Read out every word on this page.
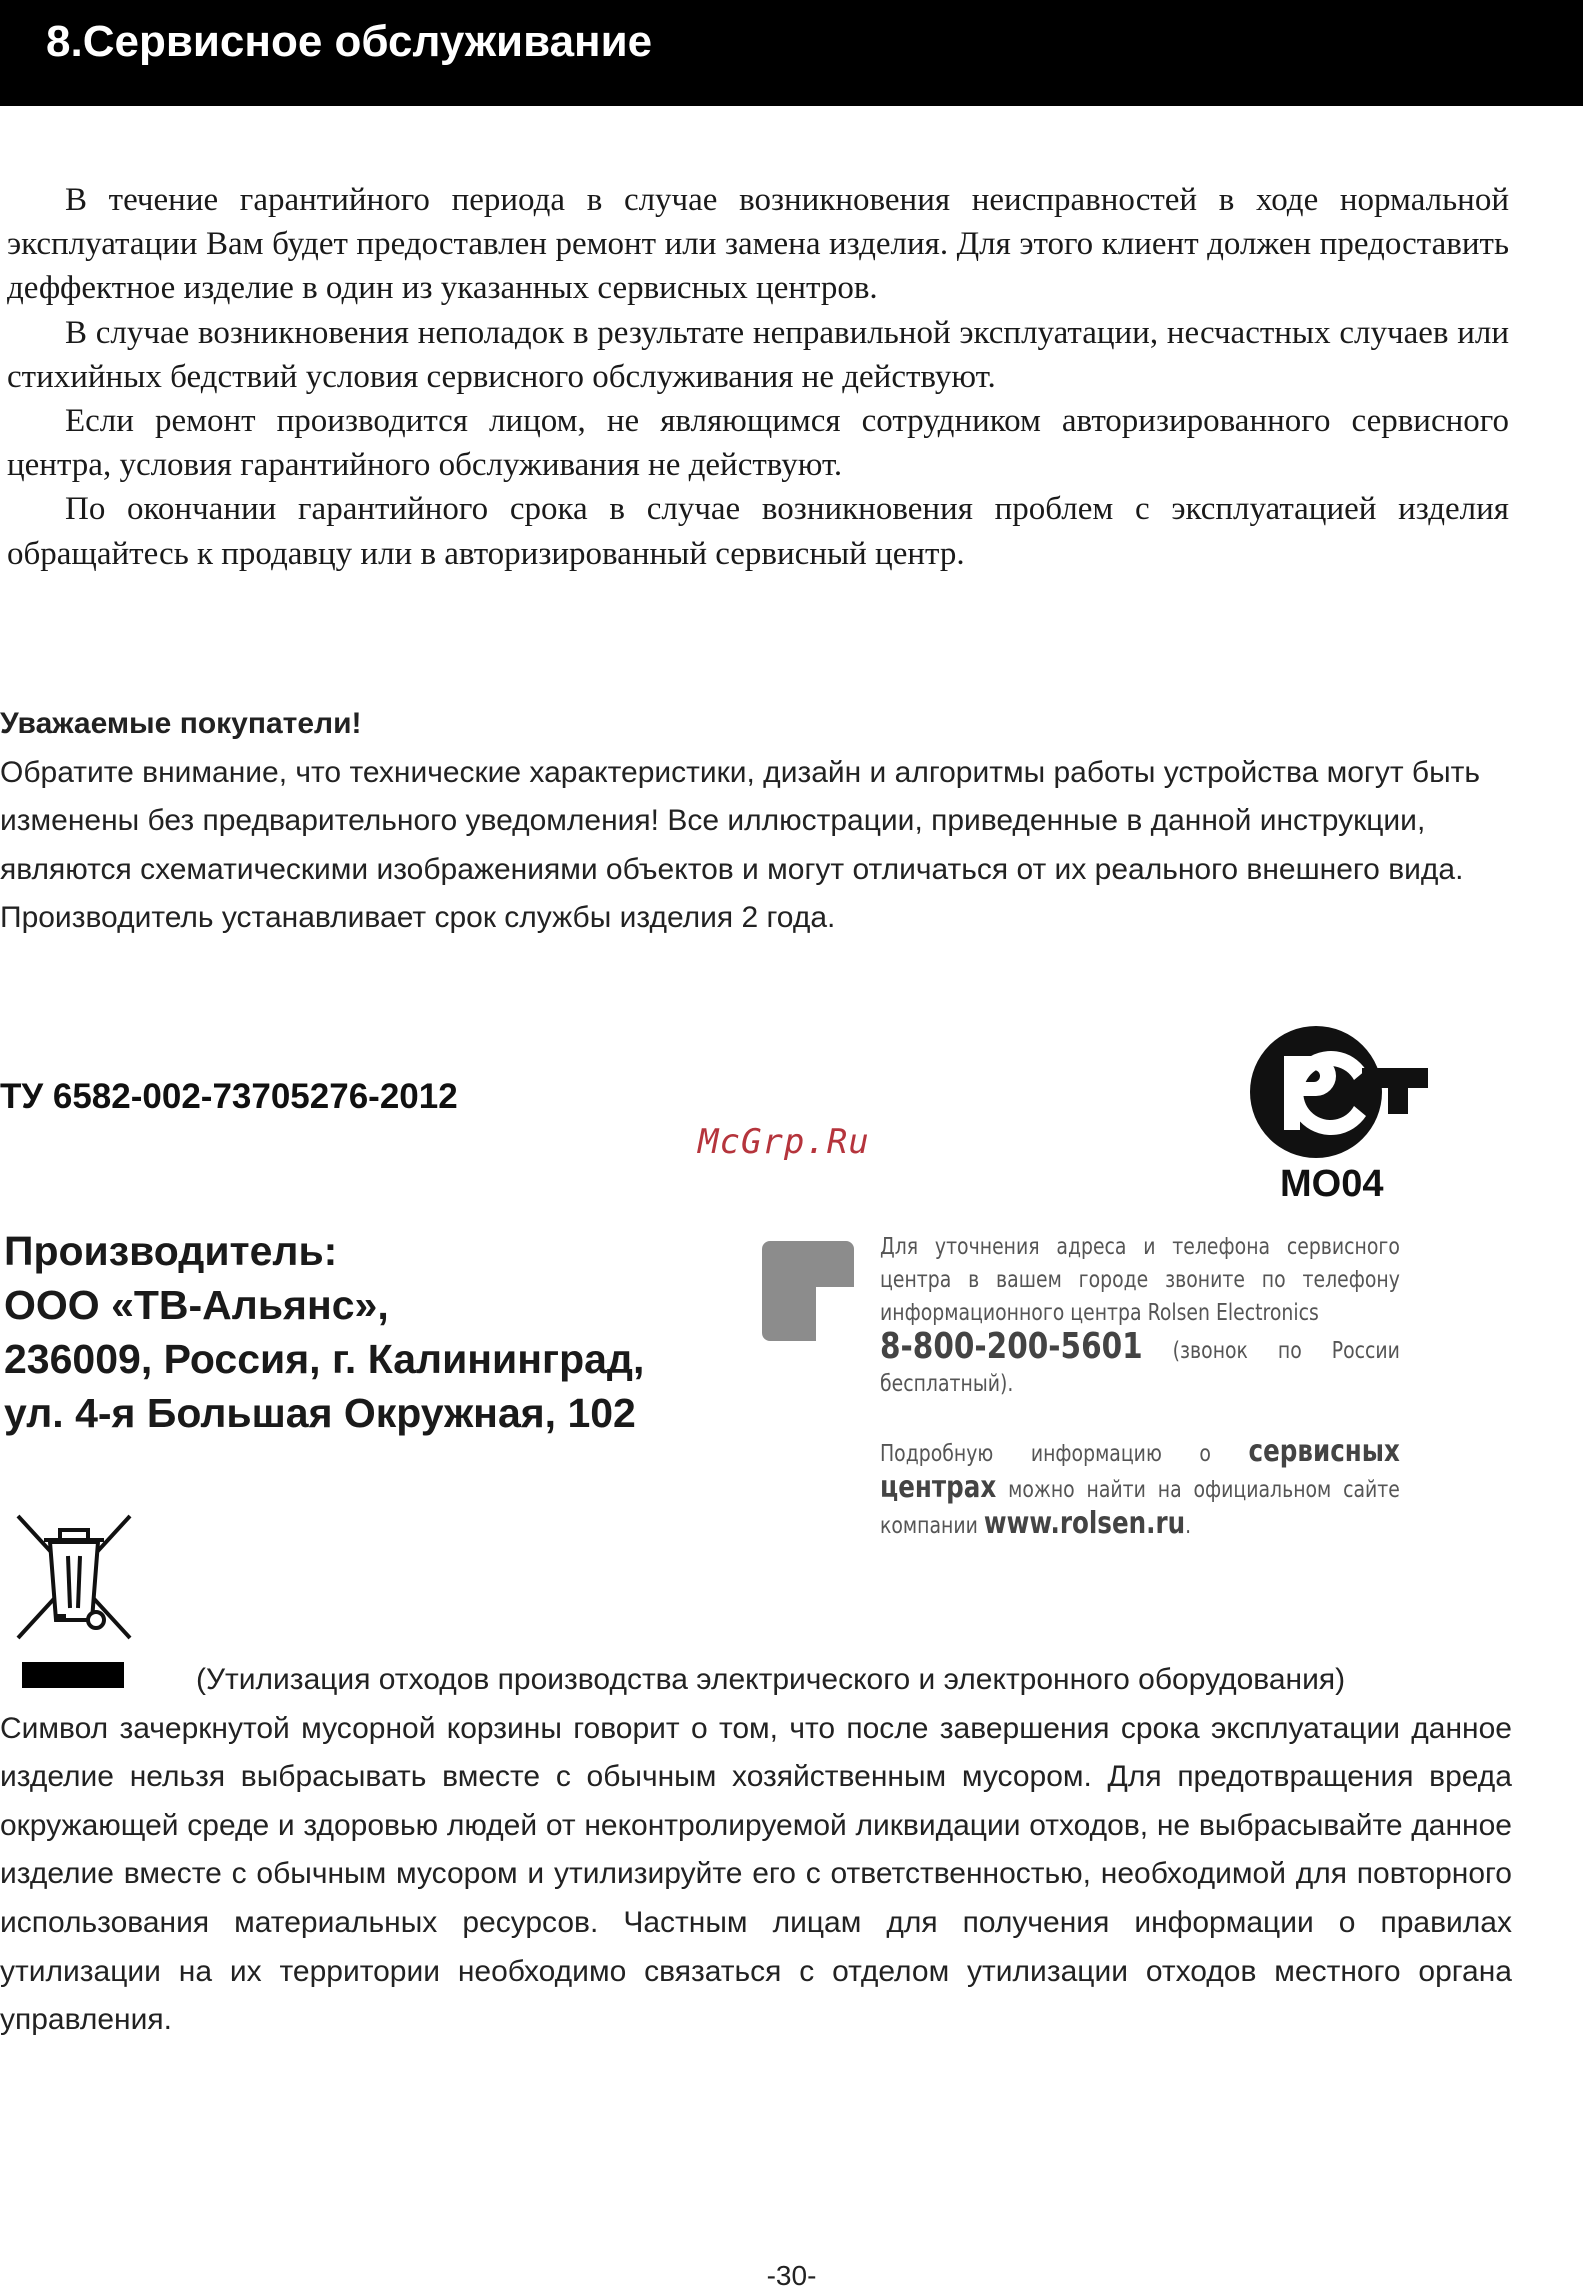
8.Сервисное обслуживание

В течение гарантийного периода в случае возникновения неисправностей в ходе нормальной эксплуатации Вам будет предоставлен ремонт или замена изделия. Для этого клиент должен предоставить деффектное изделие в один из указанных сервисных центров.

В случае возникновения неполадок в результате неправильной эксплуатации, несчастных случаев или стихийных бедствий условия сервисного обслуживания не действуют.

Если ремонт производится лицом, не являющимся сотрудником авторизированного сервисного центра, условия гарантийного обслуживания не действуют.

По окончании гарантийного срока в случае возникновения проблем с эксплуатацией изделия обращайтесь к продавцу или в авторизированный сервисный центр.

Уважаемые покупатели!

Обратите внимание, что технические характеристики, дизайн и алгоритмы работы устройства могут быть изменены без предварительного уведомления! Все иллюстрации, приведенные в данной инструкции, являются схематическими изображениями объектов и могут отличаться от их реального внешнего вида.

Производитель устанавливает срок службы изделия 2 года.

ТУ 6582-002-73705276-2012
McGrp.Ru
МО04
Производитель:
ООО «ТВ-Альянс»,
236009, Россия, г. Калининград,
ул. 4-я Большая Окружная, 102

Для уточнения адреса и телефона сервисного центра в вашем городе звоните по телефону информационного центра Rolsen Electronics

8-800-200-5601 (звонок по России бесплатный).

Подробную информацию о сервисных центрах можно найти на официальном сайте компании www.rolsen.ru.

(Утилизация отходов производства электрического и электронного оборудования)

Символ зачеркнутой мусорной корзины говорит о том, что после завершения срока эксплуатации данное изделие нельзя выбрасывать вместе с обычным хозяйственным мусором. Для предотвращения вреда окружающей среде и здоровью людей от неконтролируемой ликвидации отходов, не выбрасывайте данное изделие вместе с обычным мусором и утилизируйте его с ответственностью, необходимой для повторного использования материальных ресурсов. Частным лицам для получения информации о правилах утилизации на их территории необходимо связаться с отделом утилизации отходов местного органа управления.

-30-
